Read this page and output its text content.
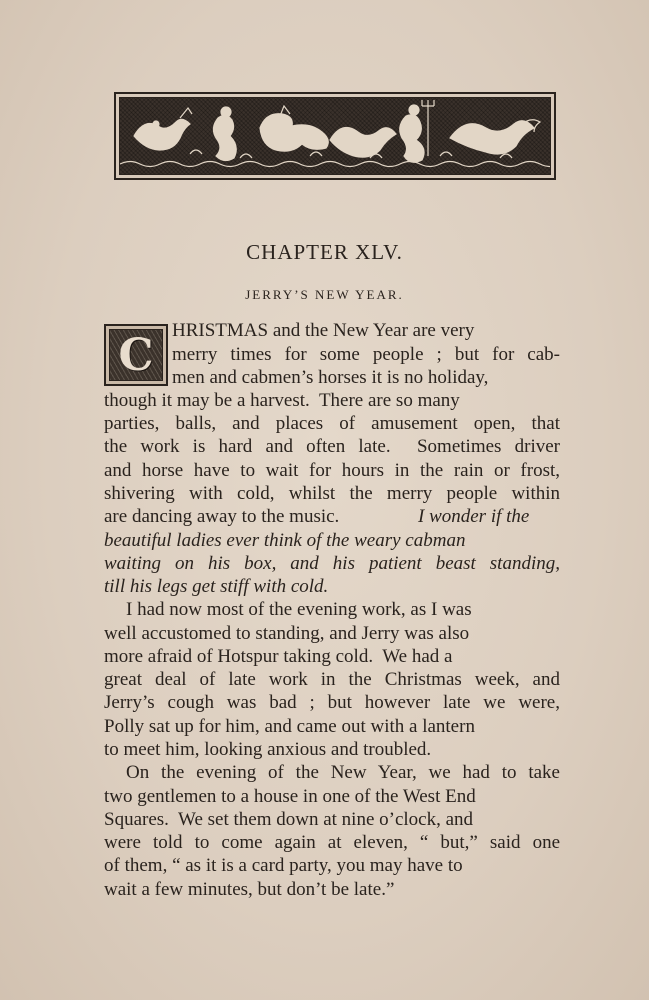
CHAPTER XLV.
JERRY’S NEW YEAR.
C HRISTMAS and the New Year are very
merry times for some people ; but for cab-
men and cabmen’s horses it is no holiday,
though it may be a harvest.  There are so many
parties, balls, and places of amusement open, that
the work is hard and often late.  Sometimes driver
and horse have to wait for hours in the rain or frost,
shivering with cold, whilst the merry people within
are dancing away to the music.	I wonder if the
beautiful ladies ever think of the weary cabman
waiting on his box, and his patient beast standing,
till his legs get stiff with cold.
I had now most of the evening work, as I was
well accustomed to standing, and Jerry was also
more afraid of Hotspur taking cold.  We had a
great deal of late work in the Christmas week, and
Jerry’s cough was bad ; but however late we were,
Polly sat up for him, and came out with a lantern
to meet him, looking anxious and troubled.
On the evening of the New Year, we had to take
two gentlemen to a house in one of the West End
Squares.  We set them down at nine o’clock, and
were told to come again at eleven, “ but,” said one
of them, “ as it is a card party, you may have to
wait a few minutes, but don’t be late.”
